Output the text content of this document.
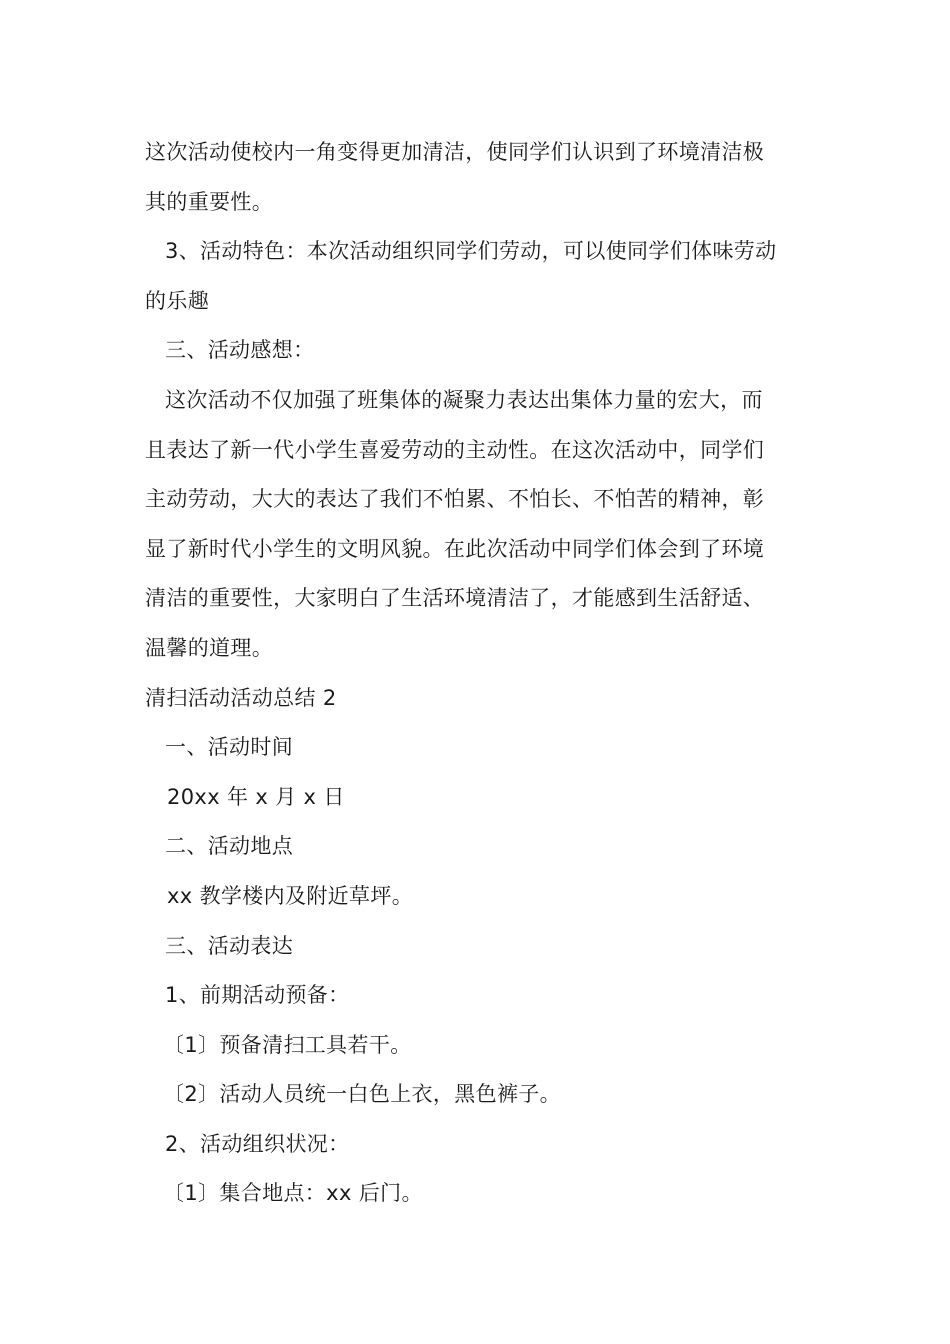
这次活动使校内一角变得更加清洁，使同学们认识到了环境清洁极
其的重要性。
3、活动特色：本次活动组织同学们劳动，可以使同学们体味劳动
的乐趣
三、活动感想：
这次活动不仅加强了班集体的凝聚力表达出集体力量的宏大，而
且表达了新一代小学生喜爱劳动的主动性。在这次活动中，同学们
主动劳动，大大的表达了我们不怕累、不怕长、不怕苦的精神，彰
显了新时代小学生的文明风貌。在此次活动中同学们体会到了环境
清洁的重要性，大家明白了生活环境清洁了，才能感到生活舒适、
温馨的道理。
清扫活动活动总结 2
一、活动时间
20xx 年 x 月 x 日
二、活动地点
xx 教学楼内及附近草坪。
三、活动表达
1、前期活动预备：
〔1〕预备清扫工具若干。
〔2〕活动人员统一白色上衣，黑色裤子。
2、活动组织状况：
〔1〕集合地点：xx 后门。
